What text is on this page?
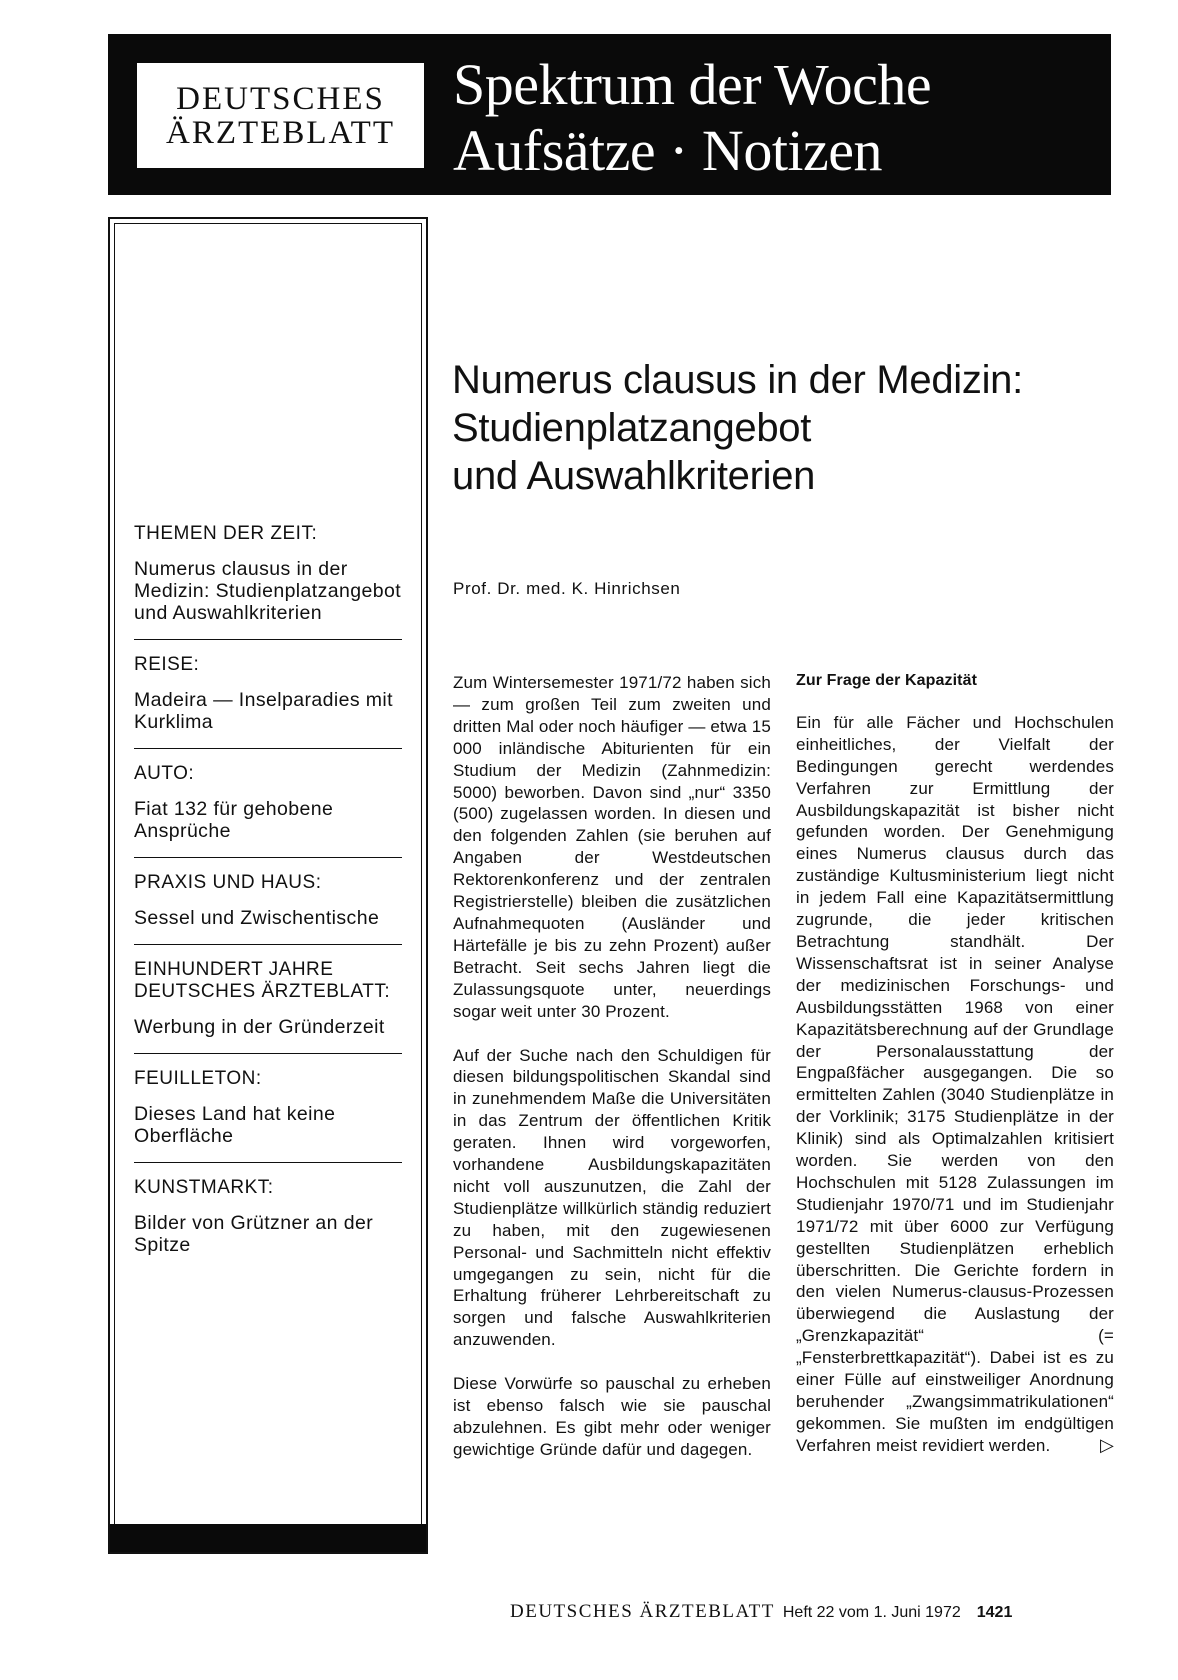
DEUTSCHES
ÄRZTEBLATT
Spektrum der Woche
Aufsätze · Notizen
THEMEN DER ZEIT:
Numerus clausus in der Medizin: Studienplatzangebot und Auswahlkriterien
REISE:
Madeira — Inselparadies mit Kurklima
AUTO:
Fiat 132 für gehobene Ansprüche
PRAXIS UND HAUS:
Sessel und Zwischentische
EINHUNDERT JAHRE DEUTSCHES ÄRZTEBLATT:
Werbung in der Gründerzeit
FEUILLETON:
Dieses Land hat keine Oberfläche
KUNSTMARKT:
Bilder von Grützner an der Spitze
Numerus clausus in der Medizin:
Studienplatzangebot
und Auswahlkriterien
Prof. Dr. med. K. Hinrichsen

Zum Wintersemester 1971/72 haben sich — zum großen Teil zum zweiten und dritten Mal oder noch häufiger — etwa 15 000 inländische Abiturienten für ein Studium der Medizin (Zahnmedizin: 5000) beworben. Davon sind „nur“ 3350 (500) zugelassen worden. In diesen und den folgenden Zahlen (sie beruhen auf Angaben der Westdeutschen Rektorenkonferenz und der zentralen Registrierstelle) bleiben die zusätzlichen Aufnahmequoten (Ausländer und Härtefälle je bis zu zehn Prozent) außer Betracht. Seit sechs Jahren liegt die Zulassungsquote unter, neuerdings sogar weit unter 30 Prozent.

Auf der Suche nach den Schuldigen für diesen bildungspolitischen Skandal sind in zunehmendem Maße die Universitäten in das Zentrum der öffentlichen Kritik geraten. Ihnen wird vorgeworfen, vorhandene Ausbildungskapazitäten nicht voll auszunutzen, die Zahl der Studienplätze willkürlich ständig reduziert zu haben, mit den zugewiesenen Personal- und Sachmitteln nicht effektiv umgegangen zu sein, nicht für die Erhaltung früherer Lehrbereitschaft zu sorgen und falsche Auswahlkriterien anzuwenden.

Diese Vorwürfe so pauschal zu erheben ist ebenso falsch wie sie pauschal abzulehnen. Es gibt mehr oder weniger gewichtige Gründe dafür und dagegen.

Zur Frage der Kapazität

Ein für alle Fächer und Hochschulen einheitliches, der Vielfalt der Bedingungen gerecht werdendes Verfahren zur Ermittlung der Ausbildungskapazität ist bisher nicht gefunden worden. Der Genehmigung eines Numerus clausus durch das zuständige Kultusministerium liegt nicht in jedem Fall eine Kapazitätsermittlung zugrunde, die jeder kritischen Betrachtung standhält. Der Wissenschaftsrat ist in seiner Analyse der medizinischen Forschungs- und Ausbildungsstätten 1968 von einer Kapazitätsberechnung auf der Grundlage der Personalausstattung der Engpaßfächer ausgegangen. Die so ermittelten Zahlen (3040 Studienplätze in der Vorklinik; 3175 Studienplätze in der Klinik) sind als Optimalzahlen kritisiert worden. Sie werden von den Hochschulen mit 5128 Zulassungen im Studienjahr 1970/71 und im Studienjahr 1971/72 mit über 6000 zur Verfügung gestellten Studienplätzen erheblich überschritten. Die Gerichte fordern in den vielen Numerus-clausus-Prozessen überwiegend die Auslastung der „Grenzkapazität“ (= „Fensterbrettkapazität“). Dabei ist es zu einer Fülle auf einstweiliger Anordnung beruhender „Zwangsimmatrikulationen“ gekommen. Sie mußten im endgültigen Verfahren meist revidiert werden.	▷

DEUTSCHES ÄRZTEBLATT Heft 22 vom 1. Juni 1972 1421
